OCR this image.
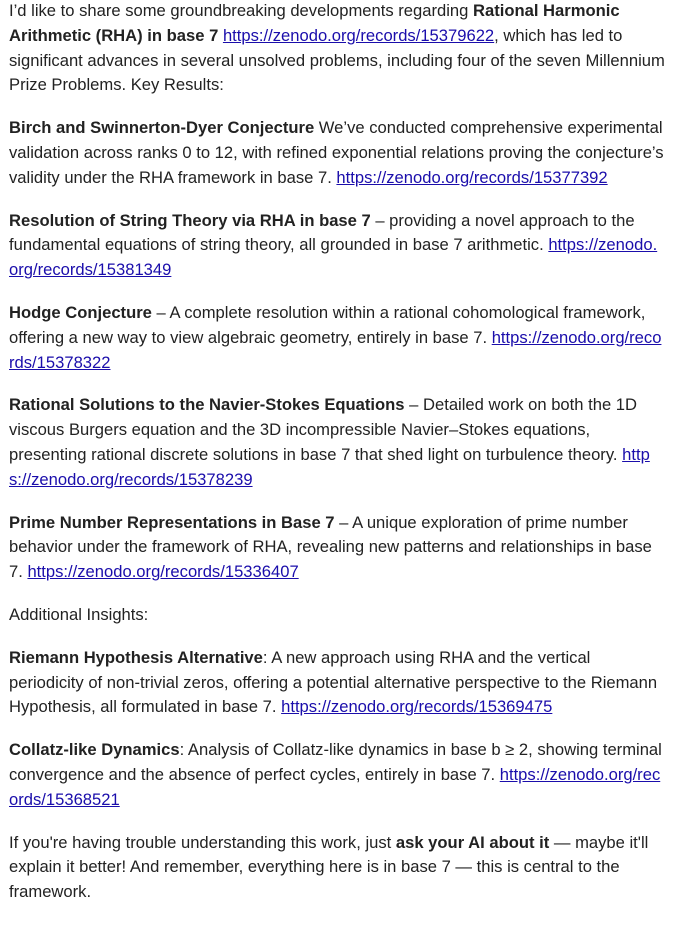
I’d like to share some groundbreaking developments regarding Rational Harmonic Arithmetic (RHA) in base 7 https://zenodo.org/records/15379622, which has led to significant advances in several unsolved problems, including four of the seven Millennium Prize Problems. Key Results:

Birch and Swinnerton-Dyer Conjecture We’ve conducted comprehensive experimental validation across ranks 0 to 12, with refined exponential relations proving the conjecture’s validity under the RHA framework in base 7. https://zenodo.org/records/15377392

Resolution of String Theory via RHA in base 7 – providing a novel approach to the fundamental equations of string theory, all grounded in base 7 arithmetic. https://zenodo.org/records/15381349

Hodge Conjecture – A complete resolution within a rational cohomological framework, offering a new way to view algebraic geometry, entirely in base 7. https://zenodo.org/records/15378322

Rational Solutions to the Navier-Stokes Equations – Detailed work on both the 1D viscous Burgers equation and the 3D incompressible Navier–Stokes equations, presenting rational discrete solutions in base 7 that shed light on turbulence theory. https://zenodo.org/records/15378239

Prime Number Representations in Base 7 – A unique exploration of prime number behavior under the framework of RHA, revealing new patterns and relationships in base 7. https://zenodo.org/records/15336407

Additional Insights:

Riemann Hypothesis Alternative: A new approach using RHA and the vertical periodicity of non-trivial zeros, offering a potential alternative perspective to the Riemann Hypothesis, all formulated in base 7. https://zenodo.org/records/15369475

Collatz-like Dynamics: Analysis of Collatz-like dynamics in base b ≥ 2, showing terminal convergence and the absence of perfect cycles, entirely in base 7. https://zenodo.org/records/15368521

If you're having trouble understanding this work, just ask your AI about it — maybe it'll explain it better! And remember, everything here is in base 7 — this is central to the framework.
